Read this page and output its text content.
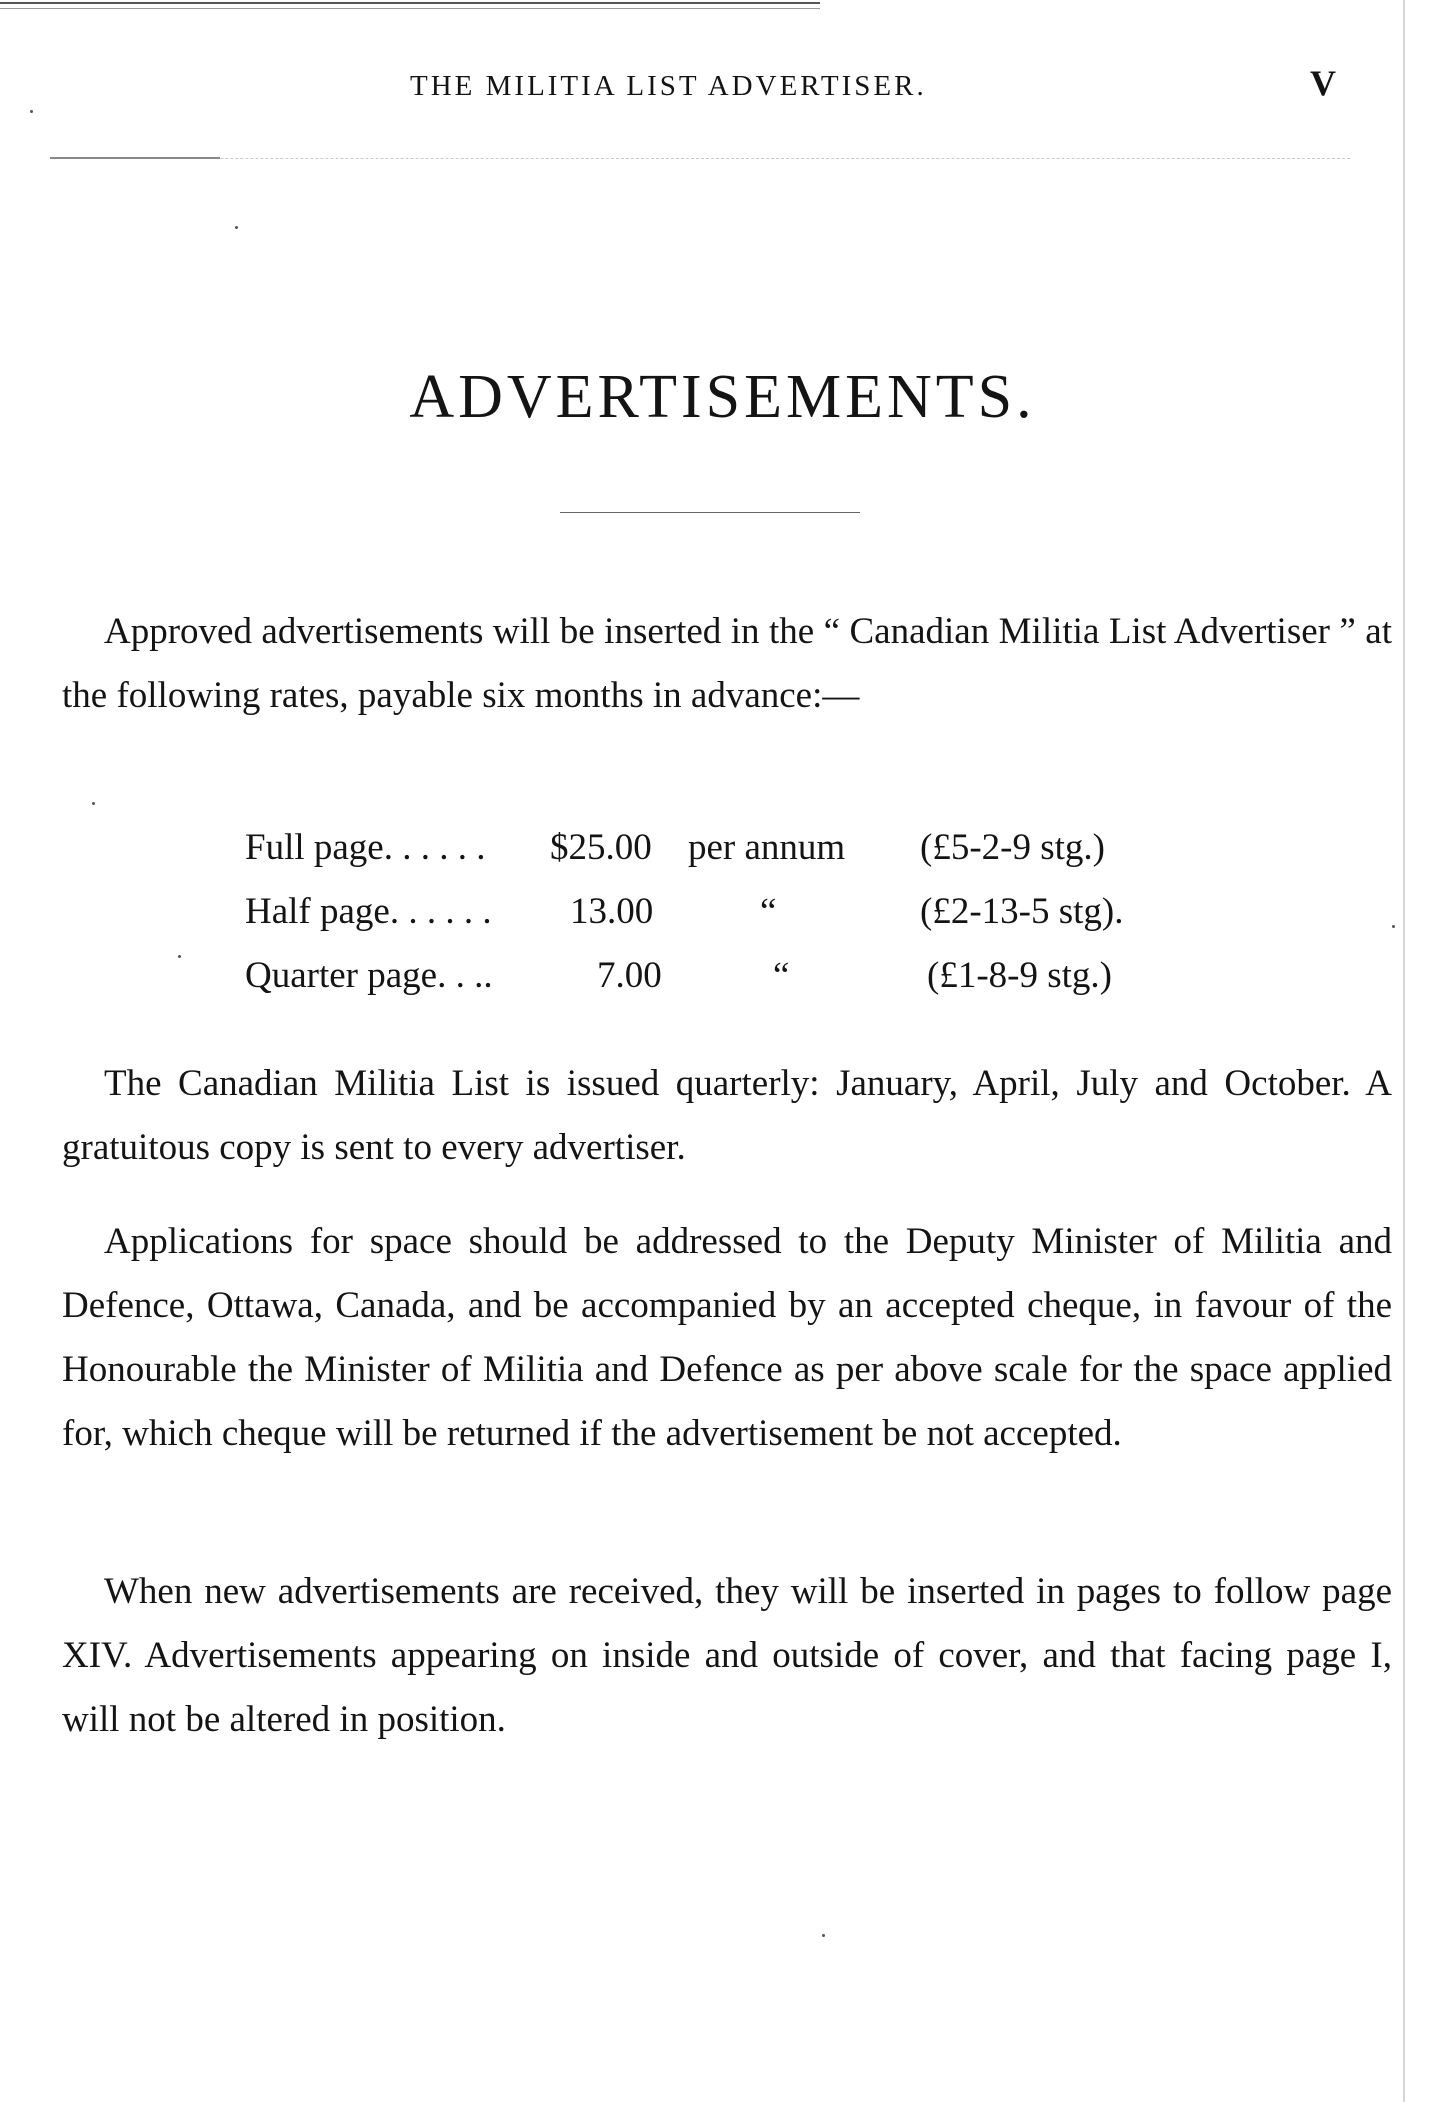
THE MILITIA LIST ADVERTISER.	V
ADVERTISEMENTS.

Approved advertisements will be inserted in the “ Canadian Militia List Advertiser ” at the following rates, payable six months in advance:—

Full page. . . . . . $25.00 per annum (£5-2-9 stg.)
Half page. . . . . . 13.00	“	(£2-13-5 stg).
Quarter page. . ..	7.00	“	(£1-8-9 stg.)

The Canadian Militia List is issued quarterly: January, April, July and October. A gratuitous copy is sent to every advertiser.

Applications for space should be addressed to the Deputy Minister of Militia and Defence, Ottawa, Canada, and be accompanied by an accepted cheque, in favour of the Honourable the Minister of Militia and Defence as per above scale for the space applied for, which cheque will be returned if the advertisement be not accepted.

When new advertisements are received, they will be inserted in pages to follow page XIV. Advertisements appearing on inside and outside of cover, and that facing page I, will not be altered in position.
